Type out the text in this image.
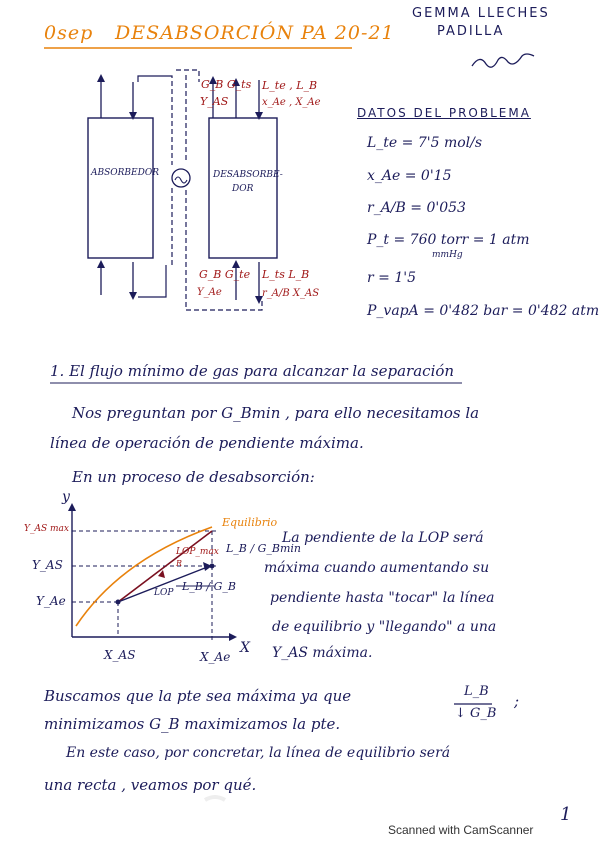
0sep DESABSORCIÓN PA 20-21
GEMMA LLECHES
PADILLA
ABSORBEDOR	DESABSORBE-
DOR
G_B G_ts
Y_AS
L_te , L_B
x_Ae , X_Ae
G_B G_te
Y_Ae
L_ts L_B
r_A/B X_AS
DATOS DEL PROBLEMA
L_te = 7'5 mol/s
x_Ae = 0'15
r_A/B = 0'053
P_t = 760 torr = 1 atm
mmHg
r = 1'5
P_vapA = 0'482 bar = 0'482 atm
1. El flujo mínimo de gas para alcanzar la separación
Nos preguntan por G_Bmin , para ello necesitamos la
línea de operación de pendiente máxima.
En un proceso de desabsorción:
y
X
Y_AS max
Y_AS
Y_Ae
X_AS	X_Ae
Equilibrio
LOP_max
R
LOP L_B / G_B
L_B / G_Bmin
La pendiente de la LOP será
máxima cuando aumentando su
pendiente hasta "tocar" la línea
de equilibrio y "llegando" a una
Y_AS máxima.
Buscamos que la pte sea máxima ya que	L_B
↓ G_B
;
minimizamos G_B maximizamos la pte.
En este caso, por concretar, la línea de equilibrio será
una recta , veamos por qué.
Scanned with CamScanner
1
